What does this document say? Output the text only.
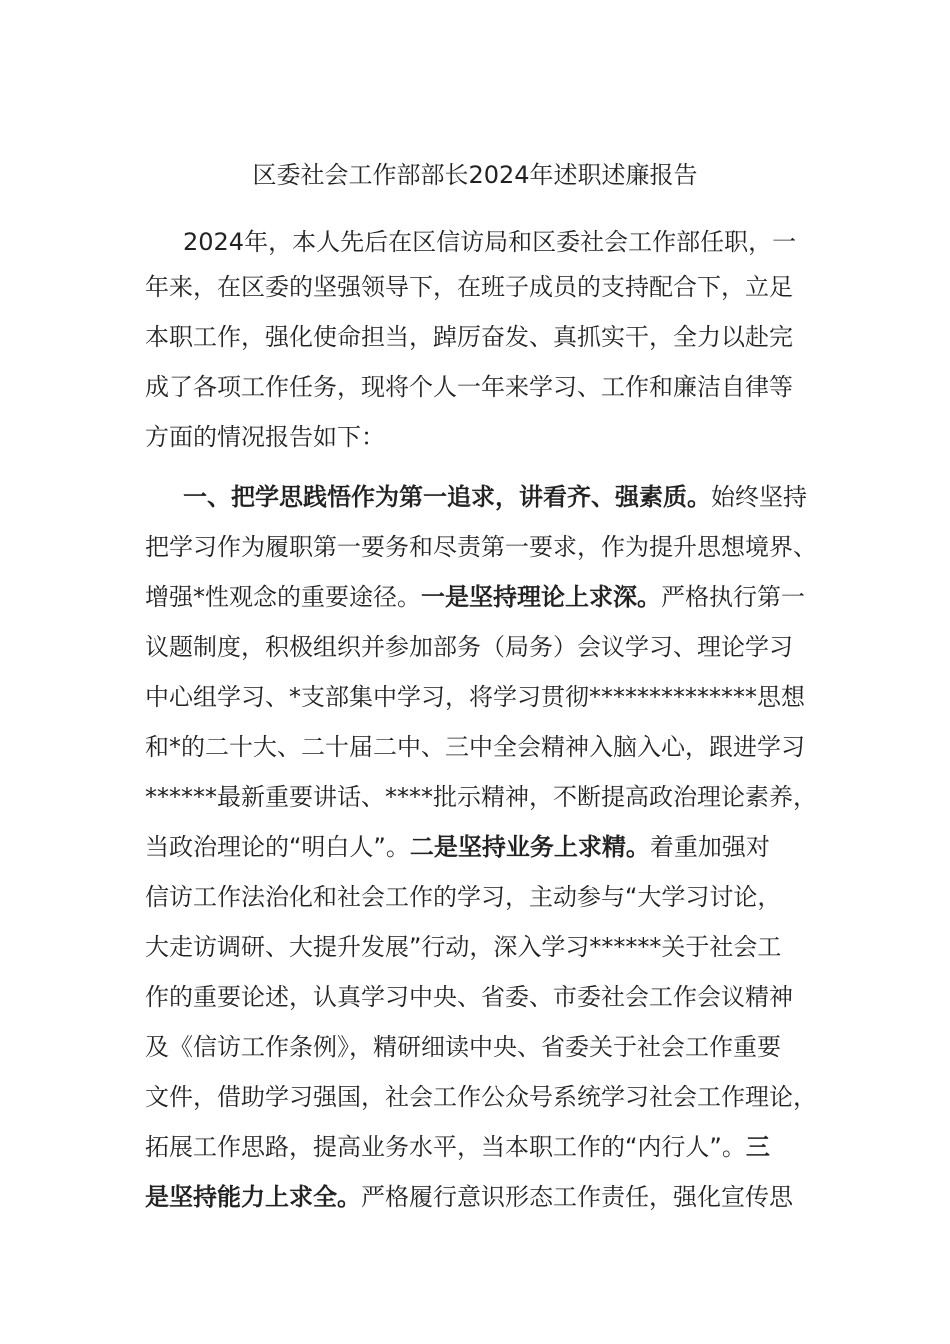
区委社会工作部部长2024年述职述廉报告
2024年，本人先后在区信访局和区委社会工作部任职，一
年来，在区委的坚强领导下，在班子成员的支持配合下，立足
本职工作，强化使命担当，踔厉奋发、真抓实干，全力以赴完
成了各项工作任务，现将个人一年来学习、工作和廉洁自律等
方面的情况报告如下：
一、把学思践悟作为第一追求，讲看齐、强素质。始终坚持
把学习作为履职第一要务和尽责第一要求，作为提升思想境界、
增强*性观念的重要途径。一是坚持理论上求深。严格执行第一
议题制度，积极组织并参加部务（局务）会议学习、理论学习
中心组学习、*支部集中学习，将学习贯彻**************思想
和*的二十大、二十届二中、三中全会精神入脑入心，跟进学习
******最新重要讲话、****批示精神，不断提高政治理论素养，
当政治理论的“明白人”。二是坚持业务上求精。着重加强对
信访工作法治化和社会工作的学习，主动参与“大学习讨论，
大走访调研、大提升发展”行动，深入学习******关于社会工
作的重要论述，认真学习中央、省委、市委社会工作会议精神
及《信访工作条例》，精研细读中央、省委关于社会工作重要
文件，借助学习强国，社会工作公众号系统学习社会工作理论，
拓展工作思路，提高业务水平，当本职工作的“内行人”。三
是坚持能力上求全。严格履行意识形态工作责任，强化宣传思
